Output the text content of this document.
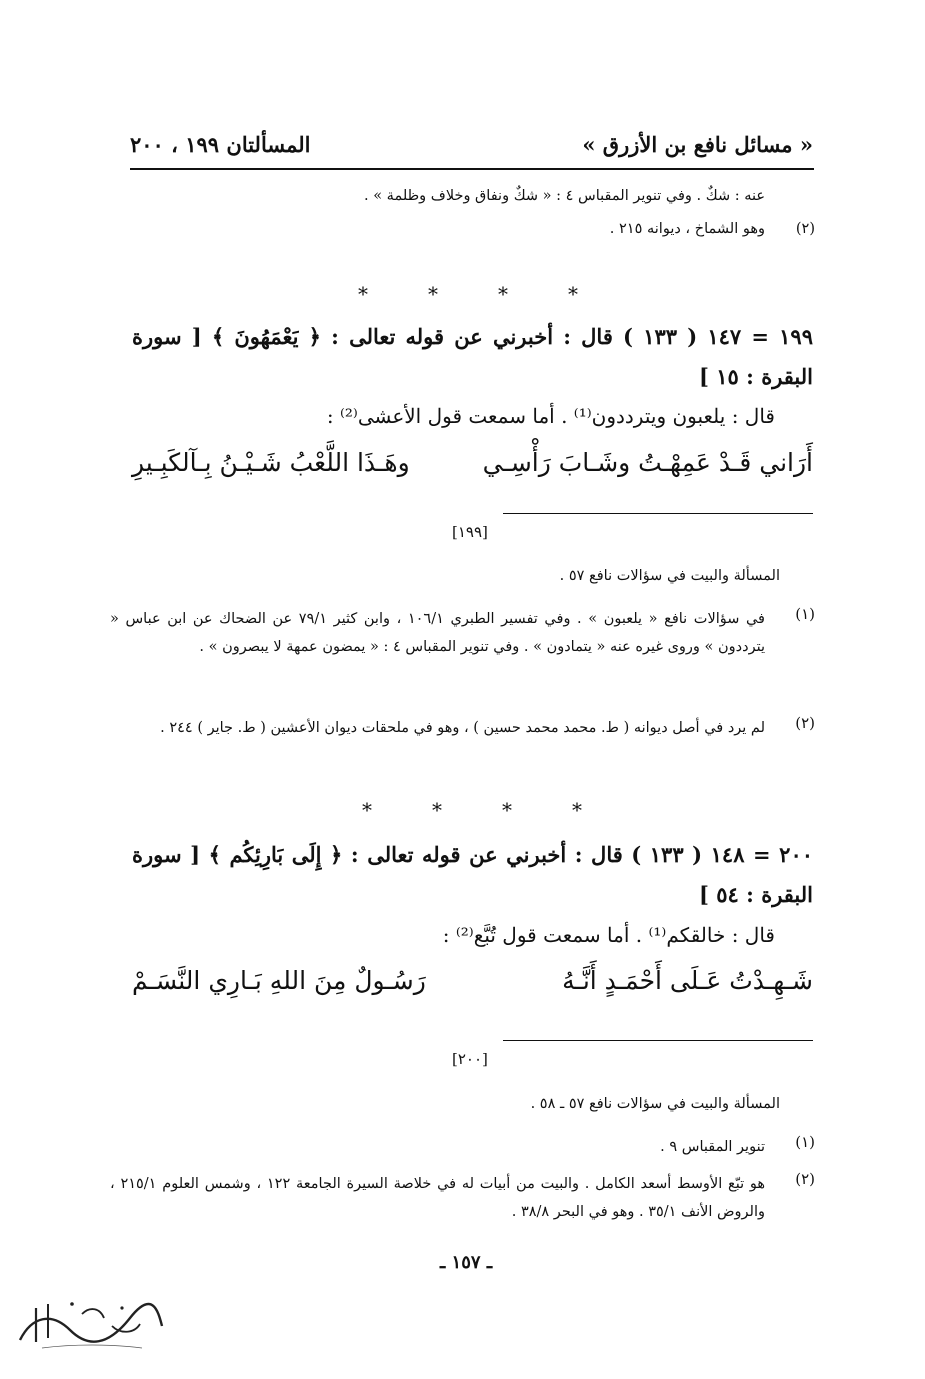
« مسائل نافع بن الأزرق »
المسألتان ١٩٩ ، ٢٠٠
عنه : شكٌ . وفي تنوير المقباس ٤ : « شكٌ ونفاق وخلاف وظلمة » .
(٢)
وهو الشماخ ، ديوانه ٢١٥ .
*	*	*	*
١٩٩ = ١٤٧ ( ١٣٣ ) قال : أخبرني عن قوله تعالى : ﴿ يَعْمَهُونَ ﴾ [ سورة
البقرة : ١٥ ]
قال : يلعبون ويترددون⁽¹⁾ . أما سمعت قول الأعشى⁽²⁾ :
أَرَاني قَـدْ عَمِهْـتُ وشَـابَ رَأْسِـي
وهَـذَا اللَّعْبُ شَـيْـنُ بِـآلكَبِـيرِ
[١٩٩]
المسألة والبيت في سؤالات نافع ٥٧ .
(١)
في سؤالات نافع « يلعبون » . وفي تفسير الطبري ١٠٦/١ ، وابن كثير ٧٩/١ عن الضحاك عن ابن عباس « يترددون » وروى غيره عنه « يتمادون » . وفي تنوير المقباس ٤ : « يمضون عمهة لا يبصرون » .
(٢)
لم يرد في أصل ديوانه ( ط. محمد محمد حسين ) ، وهو في ملحقات ديوان الأعشين ( ط. جاير ) ٢٤٤ .
*	*	*	*
٢٠٠ = ١٤٨ ( ١٣٣ ) قال : أخبرني عن قوله تعالى : ﴿ إِلَى بَارِئِكُم ﴾ [ سورة
البقرة : ٥٤ ]
قال : خالقكم⁽¹⁾ . أما سمعت قول تُبَّع⁽²⁾ :
شَـهِـدْتُ عَـلَى أَحْمَـدٍ أَنَّـهُ
رَسُـولٌ مِنَ اللهِ بَـارِي النَّسَـمْ
[٢٠٠]
المسألة والبيت في سؤالات نافع ٥٧ ـ ٥٨ .
(١)
تنوير المقباس ٩ .
(٢)
هو تبّع الأوسط أسعد الكامل . والبيت من أبيات له في خلاصة السيرة الجامعة ١٢٢ ، وشمس العلوم ٢١٥/١ ، والروض الأنف ٣٥/١ . وهو في البحر ٣٨/٨ .
ـ ١٥٧ ـ
